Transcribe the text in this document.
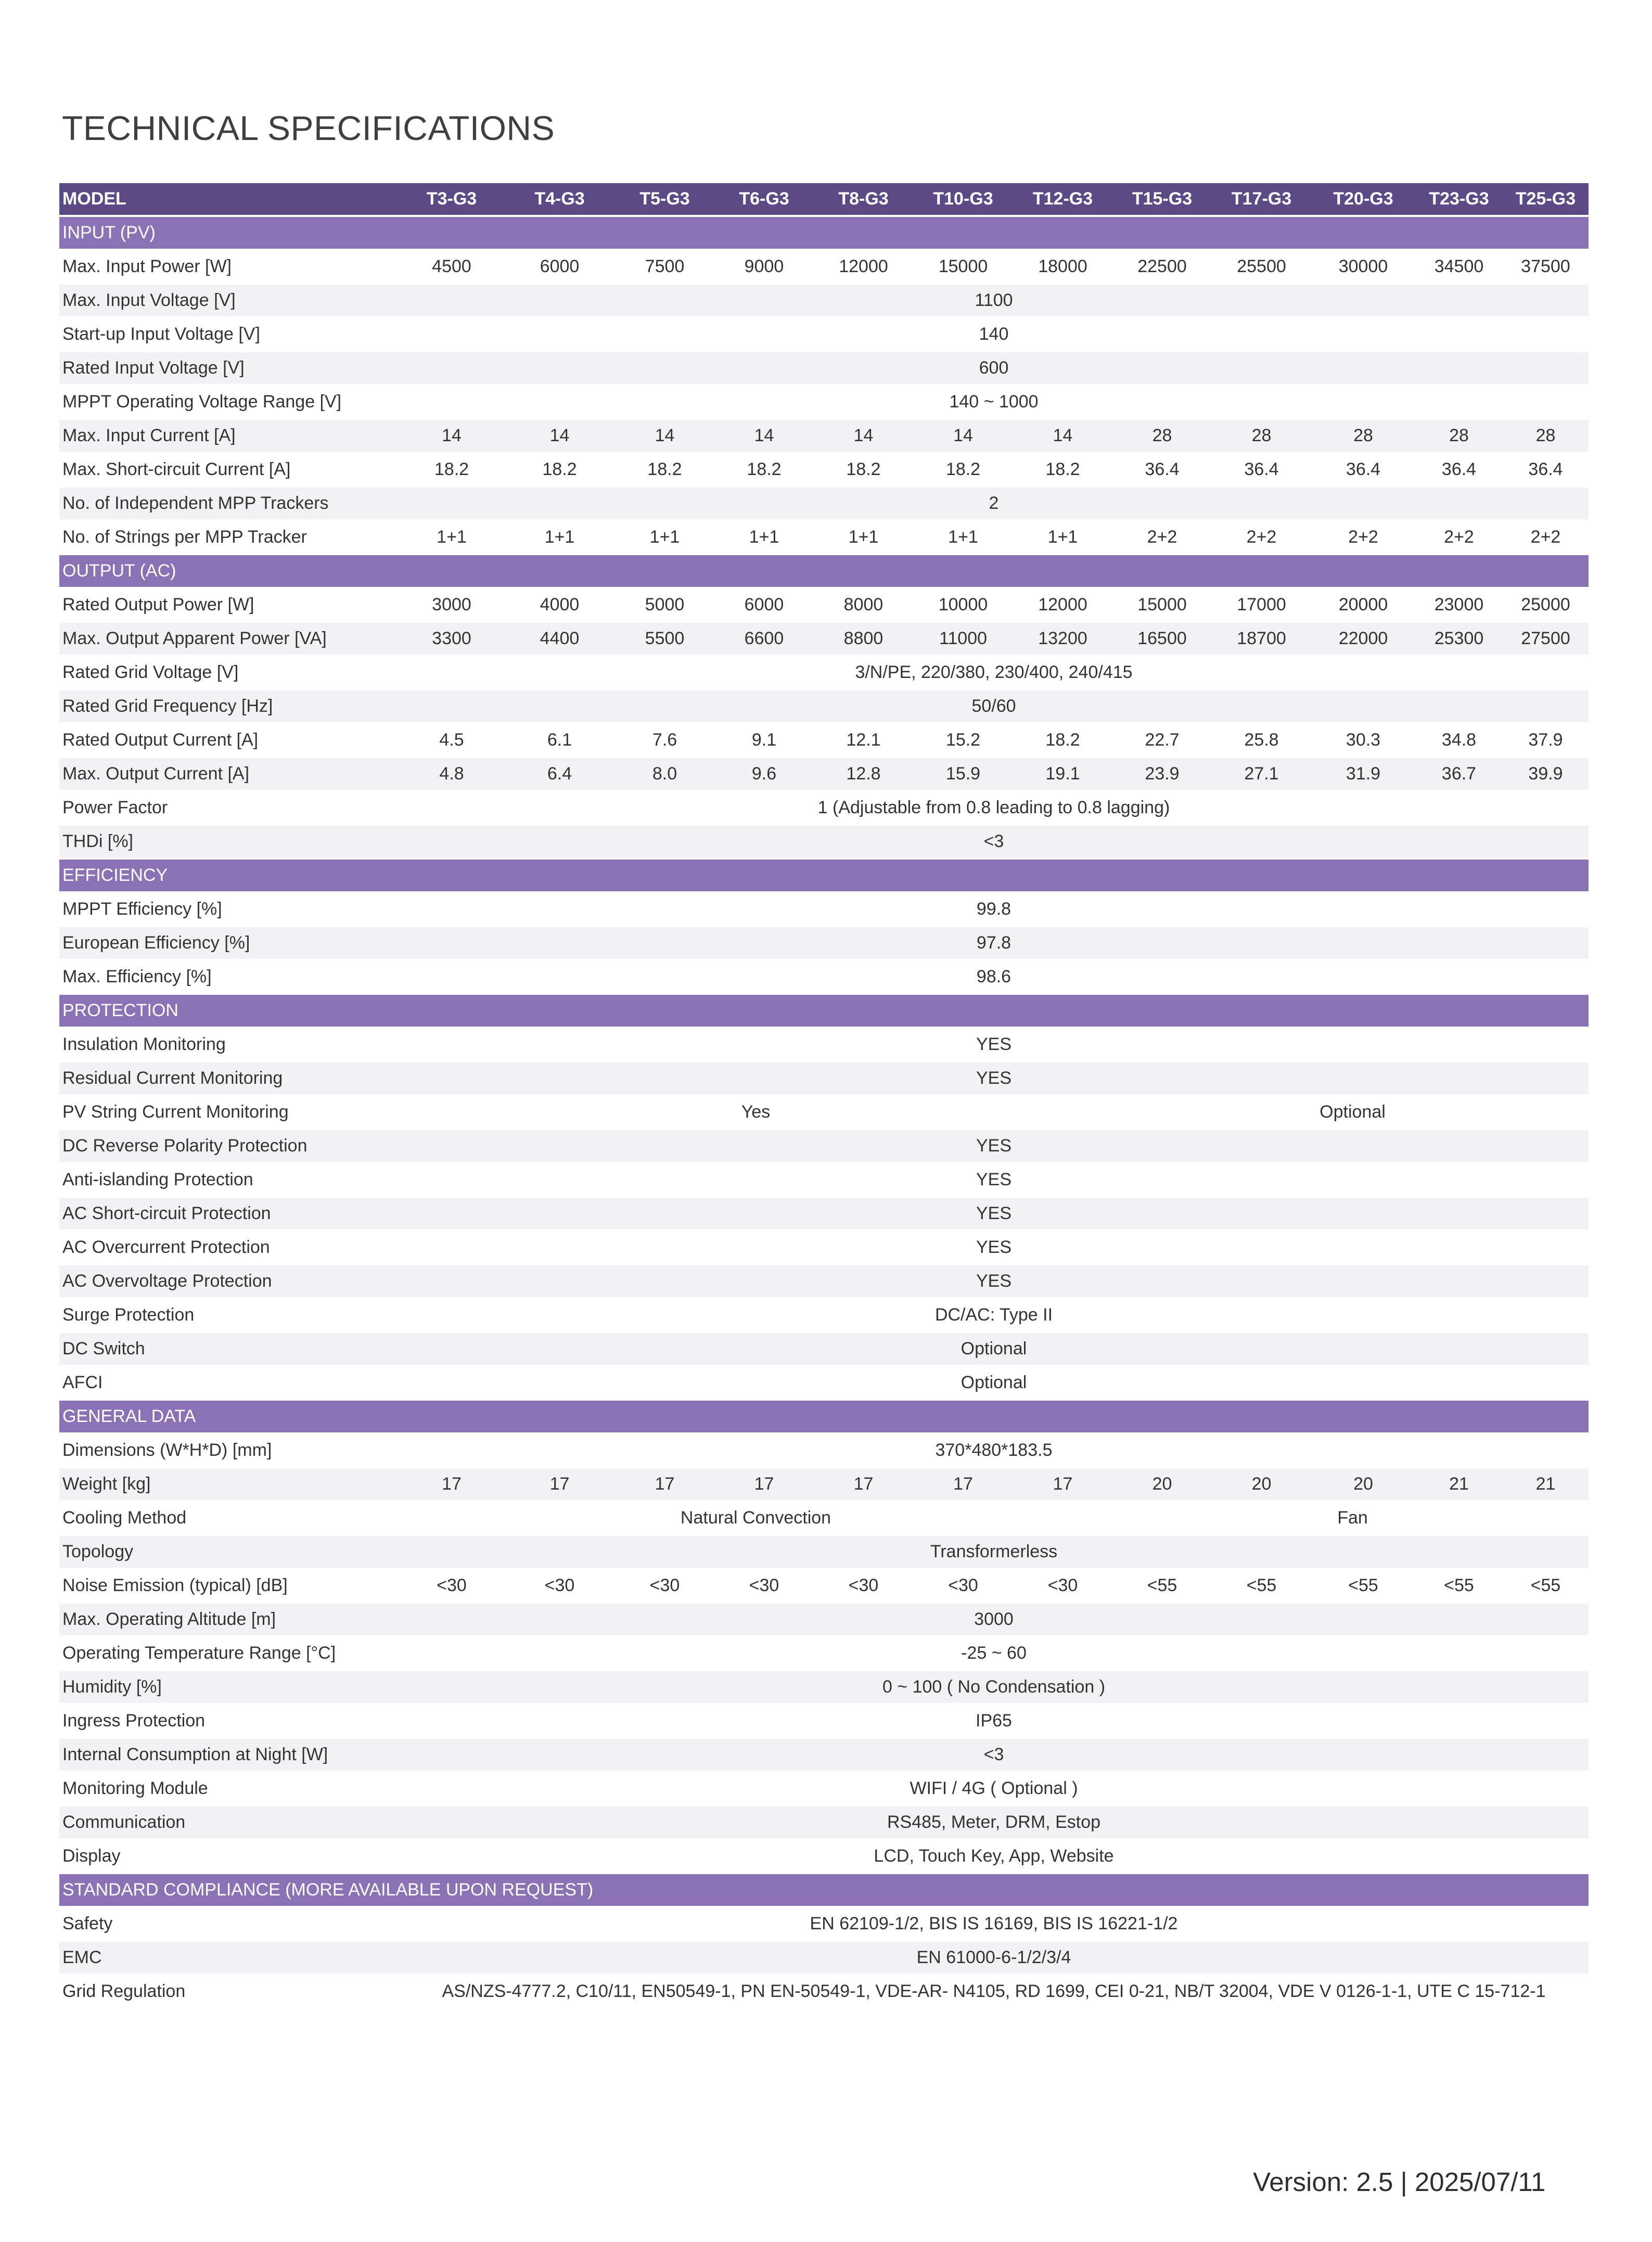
TECHNICAL SPECIFICATIONS
MODEL	T3-G3	T4-G3	T5-G3	T6-G3	T8-G3	T10-G3	T12-G3	T15-G3	T17-G3	T20-G3	T23-G3	T25-G3
INPUT (PV)												
Max. Input Power [W]	4500	6000	7500	9000	12000	15000	18000	22500	25500	30000	34500	37500
Max. Input Voltage [V]	1100											
Start-up Input Voltage [V]	140											
Rated Input Voltage [V]	600											
MPPT Operating Voltage Range [V]	140 ~ 1000											
Max. Input Current [A]	14	14	14	14	14	14	14	28	28	28	28	28
Max. Short-circuit Current [A]	18.2	18.2	18.2	18.2	18.2	18.2	18.2	36.4	36.4	36.4	36.4	36.4
No. of Independent MPP Trackers	2											
No. of Strings per MPP Tracker	1+1	1+1	1+1	1+1	1+1	1+1	1+1	2+2	2+2	2+2	2+2	2+2
OUTPUT (AC)												
Rated Output Power [W]	3000	4000	5000	6000	8000	10000	12000	15000	17000	20000	23000	25000
Max. Output Apparent Power [VA]	3300	4400	5500	6600	8800	11000	13200	16500	18700	22000	25300	27500
Rated Grid Voltage [V]	3/N/PE, 220/380, 230/400, 240/415											
Rated Grid Frequency [Hz]	50/60											
Rated Output Current [A]	4.5	6.1	7.6	9.1	12.1	15.2	18.2	22.7	25.8	30.3	34.8	37.9
Max. Output Current [A]	4.8	6.4	8.0	9.6	12.8	15.9	19.1	23.9	27.1	31.9	36.7	39.9
Power Factor	1 (Adjustable from 0.8 leading to 0.8 lagging)											
THDi [%]	<3											
EFFICIENCY												
MPPT Efficiency [%]	99.8											
European Efficiency [%]	97.8											
Max. Efficiency [%]	98.6											
PROTECTION												
Insulation Monitoring	YES											
Residual Current Monitoring	YES											
PV String Current Monitoring	Yes							Optional				
DC Reverse Polarity Protection	YES											
Anti-islanding Protection	YES											
AC Short-circuit Protection	YES											
AC Overcurrent Protection	YES											
AC Overvoltage Protection	YES											
Surge Protection	DC/AC: Type II											
DC Switch	Optional											
AFCI	Optional											
GENERAL DATA												
Dimensions (W*H*D) [mm]	370*480*183.5											
Weight [kg]	17	17	17	17	17	17	17	20	20	20	21	21
Cooling Method	Natural Convection							Fan				
Topology	Transformerless											
Noise Emission (typical) [dB]	<30	<30	<30	<30	<30	<30	<30	<55	<55	<55	<55	<55
Max. Operating Altitude [m]	3000											
Operating Temperature Range [°C]	-25 ~ 60											
Humidity [%]	0 ~ 100 ( No Condensation )											
Ingress Protection	IP65											
Internal Consumption at Night [W]	<3											
Monitoring Module	WIFI / 4G ( Optional )											
Communication	RS485, Meter, DRM, Estop											
Display	LCD, Touch Key, App, Website											
STANDARD COMPLIANCE (MORE AVAILABLE UPON REQUEST)												
Safety	EN 62109-1/2, BIS IS 16169, BIS IS 16221-1/2											
EMC	EN 61000-6-1/2/3/4											
Grid Regulation	AS/NZS-4777.2, C10/11, EN50549-1, PN EN-50549-1, VDE-AR- N4105, RD 1699, CEI 0-21, NB/T 32004, VDE V 0126-1-1, UTE C 15-712-1											
Version: 2.5 | 2025/07/11
